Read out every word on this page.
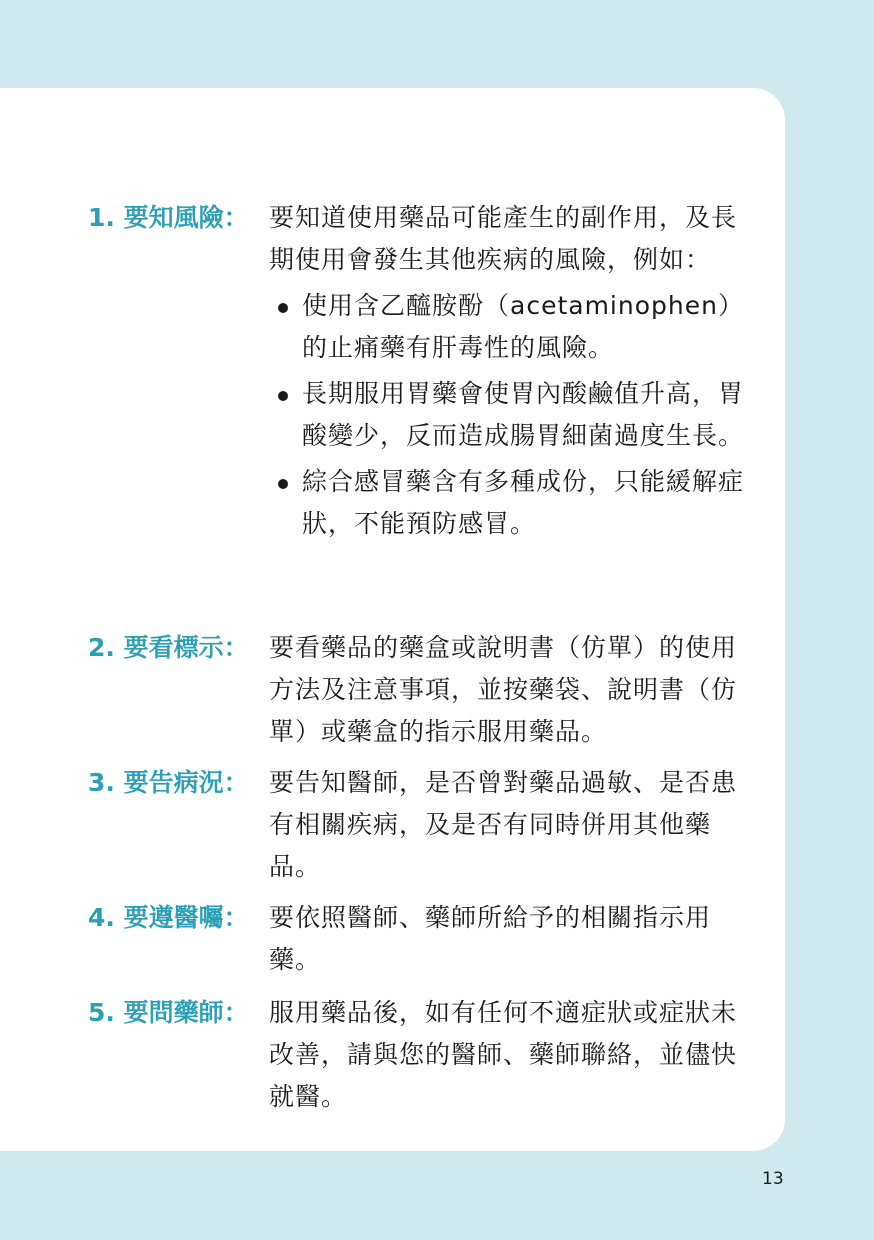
1. 要知風險： 要知道使用藥品可能產生的副作用，及長期使用會發生其他疾病的風險，例如：

使用含乙醯胺酚（acetaminophen）的止痛藥有肝毒性的風險。
長期服用胃藥會使胃內酸鹼值升高，胃酸變少，反而造成腸胃細菌過度生長。
綜合感冒藥含有多種成份，只能緩解症狀，不能預防感冒。
2. 要看標示： 要看藥品的藥盒或說明書（仿單）的使用方法及注意事項，並按藥袋、說明書（仿單）或藥盒的指示服用藥品。

3. 要告病況： 要告知醫師，是否曾對藥品過敏、是否患有相關疾病，及是否有同時併用其他藥品。

4. 要遵醫囑： 要依照醫師、藥師所給予的相關指示用藥。

5. 要問藥師： 服用藥品後，如有任何不適症狀或症狀未改善，請與您的醫師、藥師聯絡，並儘快就醫。

13
